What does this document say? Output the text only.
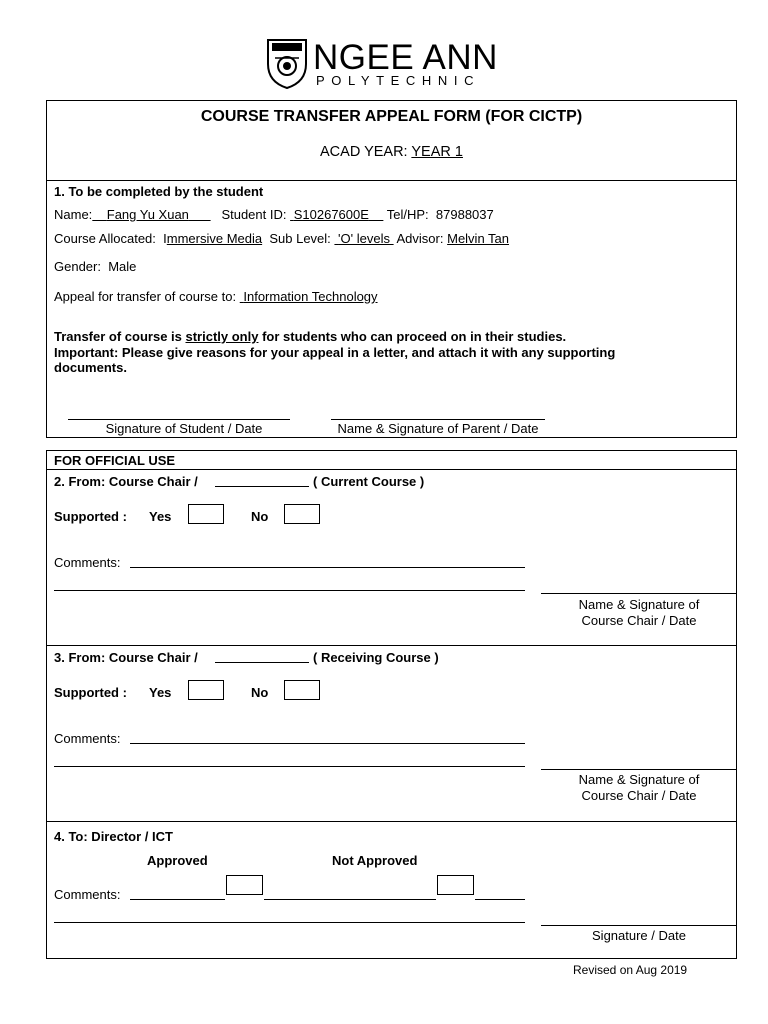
NGEE ANN
POLYTECHNIC
COURSE TRANSFER APPEAL FORM (FOR CICTP)
ACAD YEAR: YEAR 1
1. To be completed by the student
Name: Fang Yu Xuan	Student ID: S10267600E Tel/HP: 87988037
Course Allocated: Immersive Media Sub Level: 'O' levels Advisor: Melvin Tan
Gender: Male
Appeal for transfer of course to: Information Technology
Transfer of course is strictly only for students who can proceed on in their studies.
Important: Please give reasons for your appeal in a letter, and attach it with any supporting
documents.
Signature of Student / Date	Name & Signature of Parent / Date
FOR OFFICIAL USE
2. From: Course Chair /	( Current Course )
Supported : Yes	No
Comments:
Name & Signature of
Course Chair / Date
3. From: Course Chair /	( Receiving Course )
Supported : Yes	No
Comments:
Name & Signature of
Course Chair / Date
4. To: Director / ICT
Approved	Not Approved
Comments:
Signature / Date
Revised on Aug 2019
